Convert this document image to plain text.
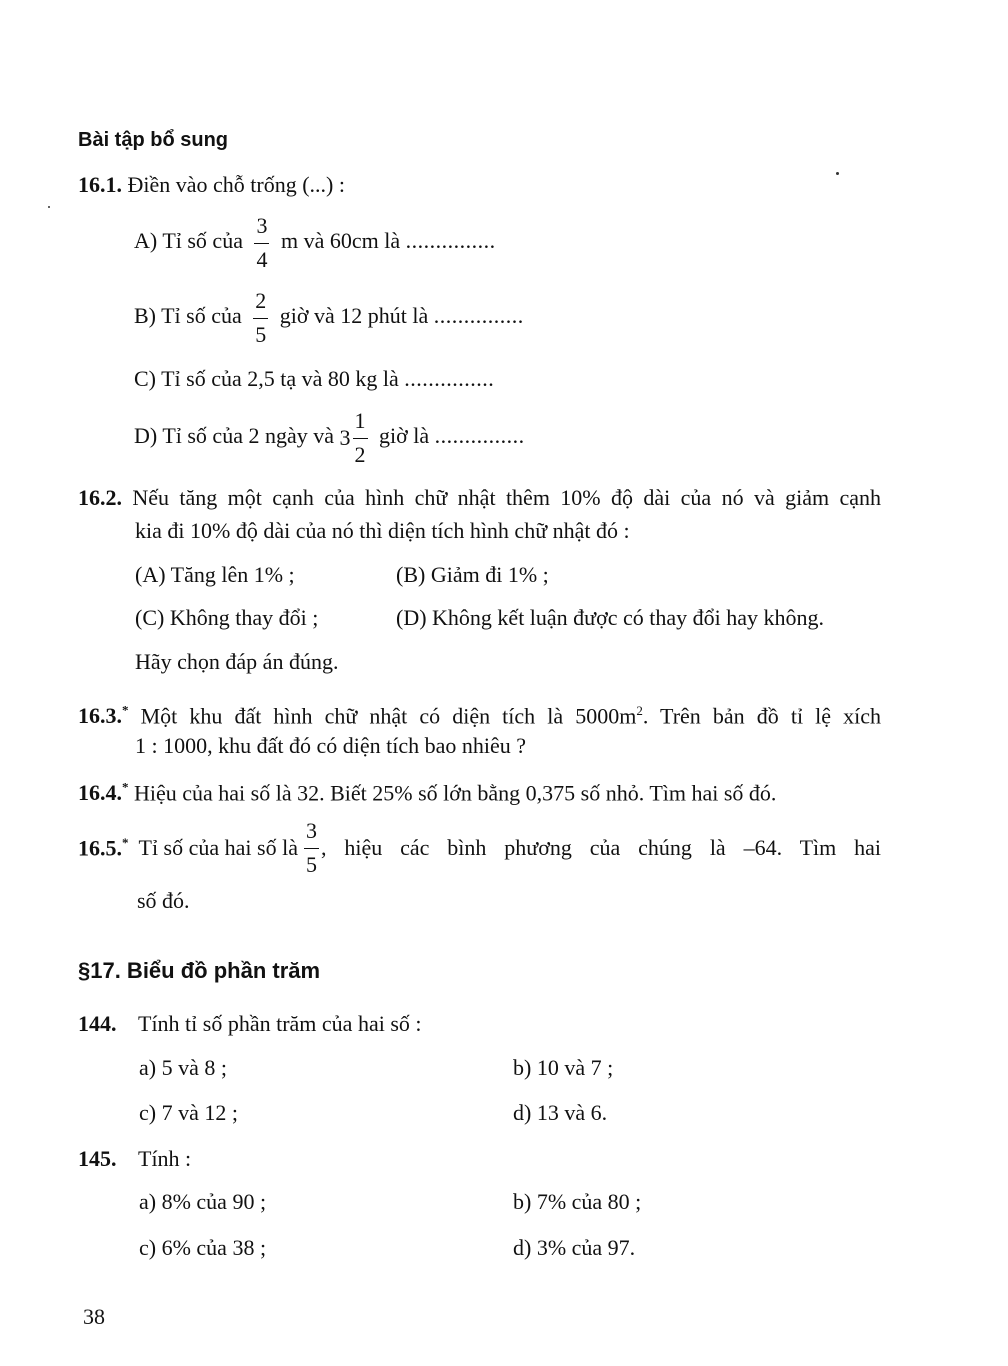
Bài tập bổ sung
16.1. Điền vào chỗ trống (...) :
A) Tỉ số của $\frac{3}{4}$ m và 60cm là ...............
B) Tỉ số của $\frac{2}{5}$ giờ và 12 phút là ...............
C) Tỉ số của 2,5 tạ và 80 kg là ...............
D) Tỉ số của 2 ngày và $3 \frac{1}{2}$ giờ là ...............
16.2. Nếu tăng một cạnh của hình chữ nhật thêm 10% độ dài của nó và giảm cạnh
kia đi 10% độ dài của nó thì diện tích hình chữ nhật đó :
(A) Tăng lên 1% ;	(B) Giảm đi 1% ;
(C) Không thay đổi ;	(D) Không kết luận được có thay đổi hay không.
Hãy chọn đáp án đúng.
16.3.* Một khu đất hình chữ nhật có diện tích là $5000m^2$. Trên bản đồ tỉ lệ xích
1 : 1000, khu đất đó có diện tích bao nhiêu ?
16.4.* Hiệu của hai số là 32. Biết 25% số lớn bằng 0,375 số nhỏ. Tìm hai số đó.
16.5.* Tỉ số của hai số là $\frac{3}{5}$ , hiệu các bình phương của chúng là –64. Tìm hai
số đó.
§17. Biểu đồ phần trăm
144. Tính tỉ số phần trăm của hai số :
a) 5 và 8 ;	b) 10 và 7 ;
c) 7 và 12 ;	d) 13 và 6.
145. Tính :
a) 8% của 90 ;	b) 7% của 80 ;
c) 6% của 38 ;	d) 3% của 97.
38
